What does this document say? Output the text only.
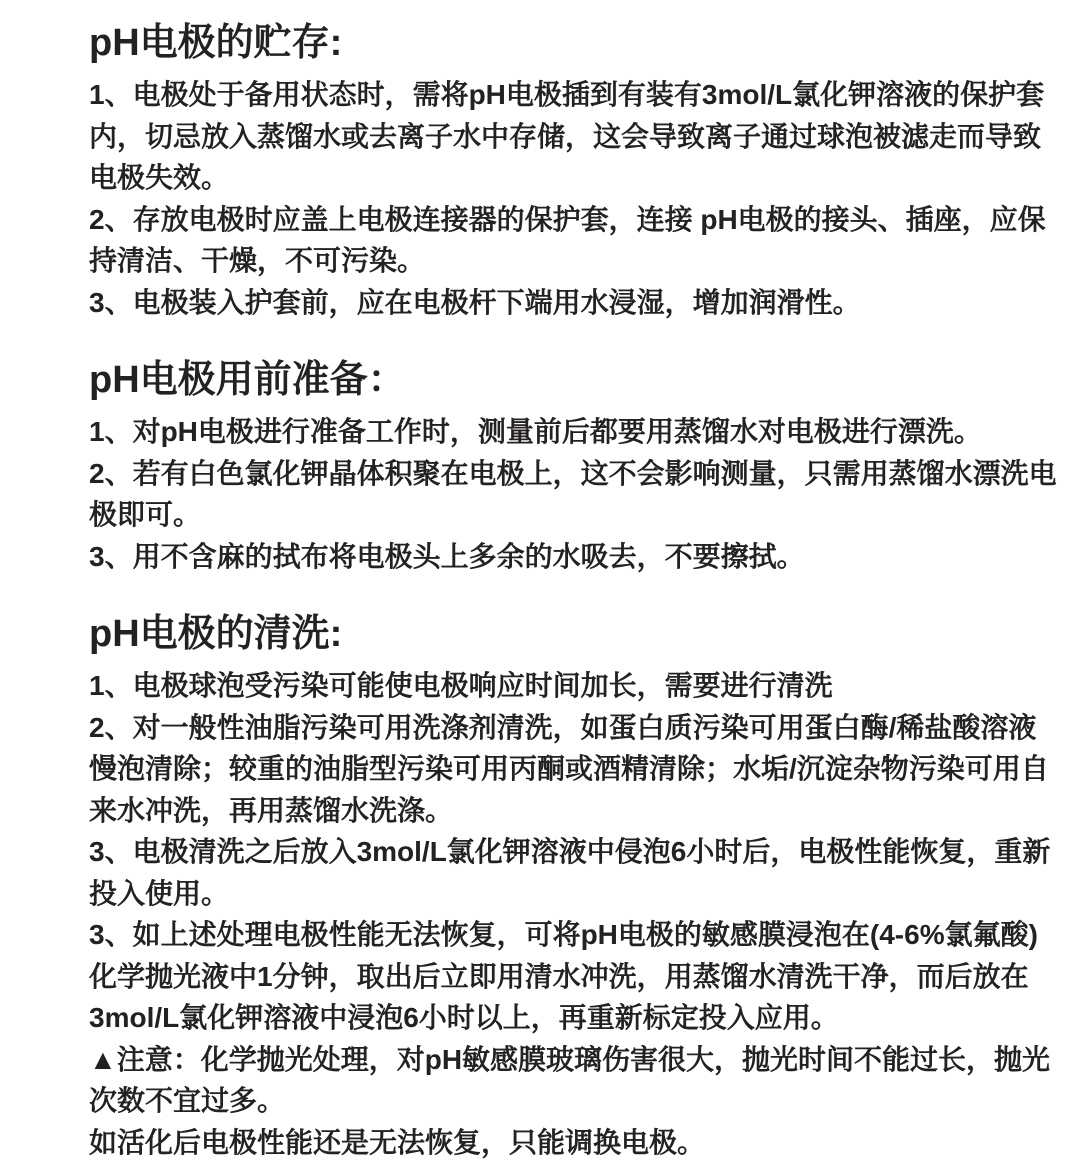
pH电极的贮存:
1、电极处于备用状态时，需将pH电极插到有装有3mol/L氯化钾溶液的保护套
内，切忌放入蒸馏水或去离子水中存储，这会导致离子通过球泡被滤走而导致
电极失效。
2、存放电极时应盖上电极连接器的保护套，连接 pH电极的接头、插座，应保
持清洁、干燥，不可污染。
3、电极装入护套前，应在电极杆下端用水浸湿，增加润滑性。
pH电极用前准备：
1、对pH电极进行准备工作时，测量前后都要用蒸馏水对电极进行漂洗。
2、若有白色氯化钾晶体积聚在电极上，这不会影响测量，只需用蒸馏水漂洗电
极即可。
3、用不含麻的拭布将电极头上多余的水吸去，不要擦拭。
pH电极的清洗:
1、电极球泡受污染可能使电极响应时间加长，需要进行清洗
2、对一般性油脂污染可用洗涤剂清洗，如蛋白质污染可用蛋白酶/稀盐酸溶液
慢泡清除；较重的油脂型污染可用丙酮或酒精清除；水垢/沉淀杂物污染可用自
来水冲洗，再用蒸馏水洗涤。
3、电极清洗之后放入3mol/L氯化钾溶液中侵泡6小时后，电极性能恢复，重新
投入使用。
3、如上述处理电极性能无法恢复，可将pH电极的敏感膜浸泡在(4-6%氯氟酸)
化学抛光液中1分钟，取出后立即用清水冲洗，用蒸馏水清洗干净，而后放在
3mol/L氯化钾溶液中浸泡6小时以上，再重新标定投入应用。
▲注意：化学抛光处理，对pH敏感膜玻璃伤害很大，抛光时间不能过长，抛光
次数不宜过多。
如活化后电极性能还是无法恢复，只能调换电极。
